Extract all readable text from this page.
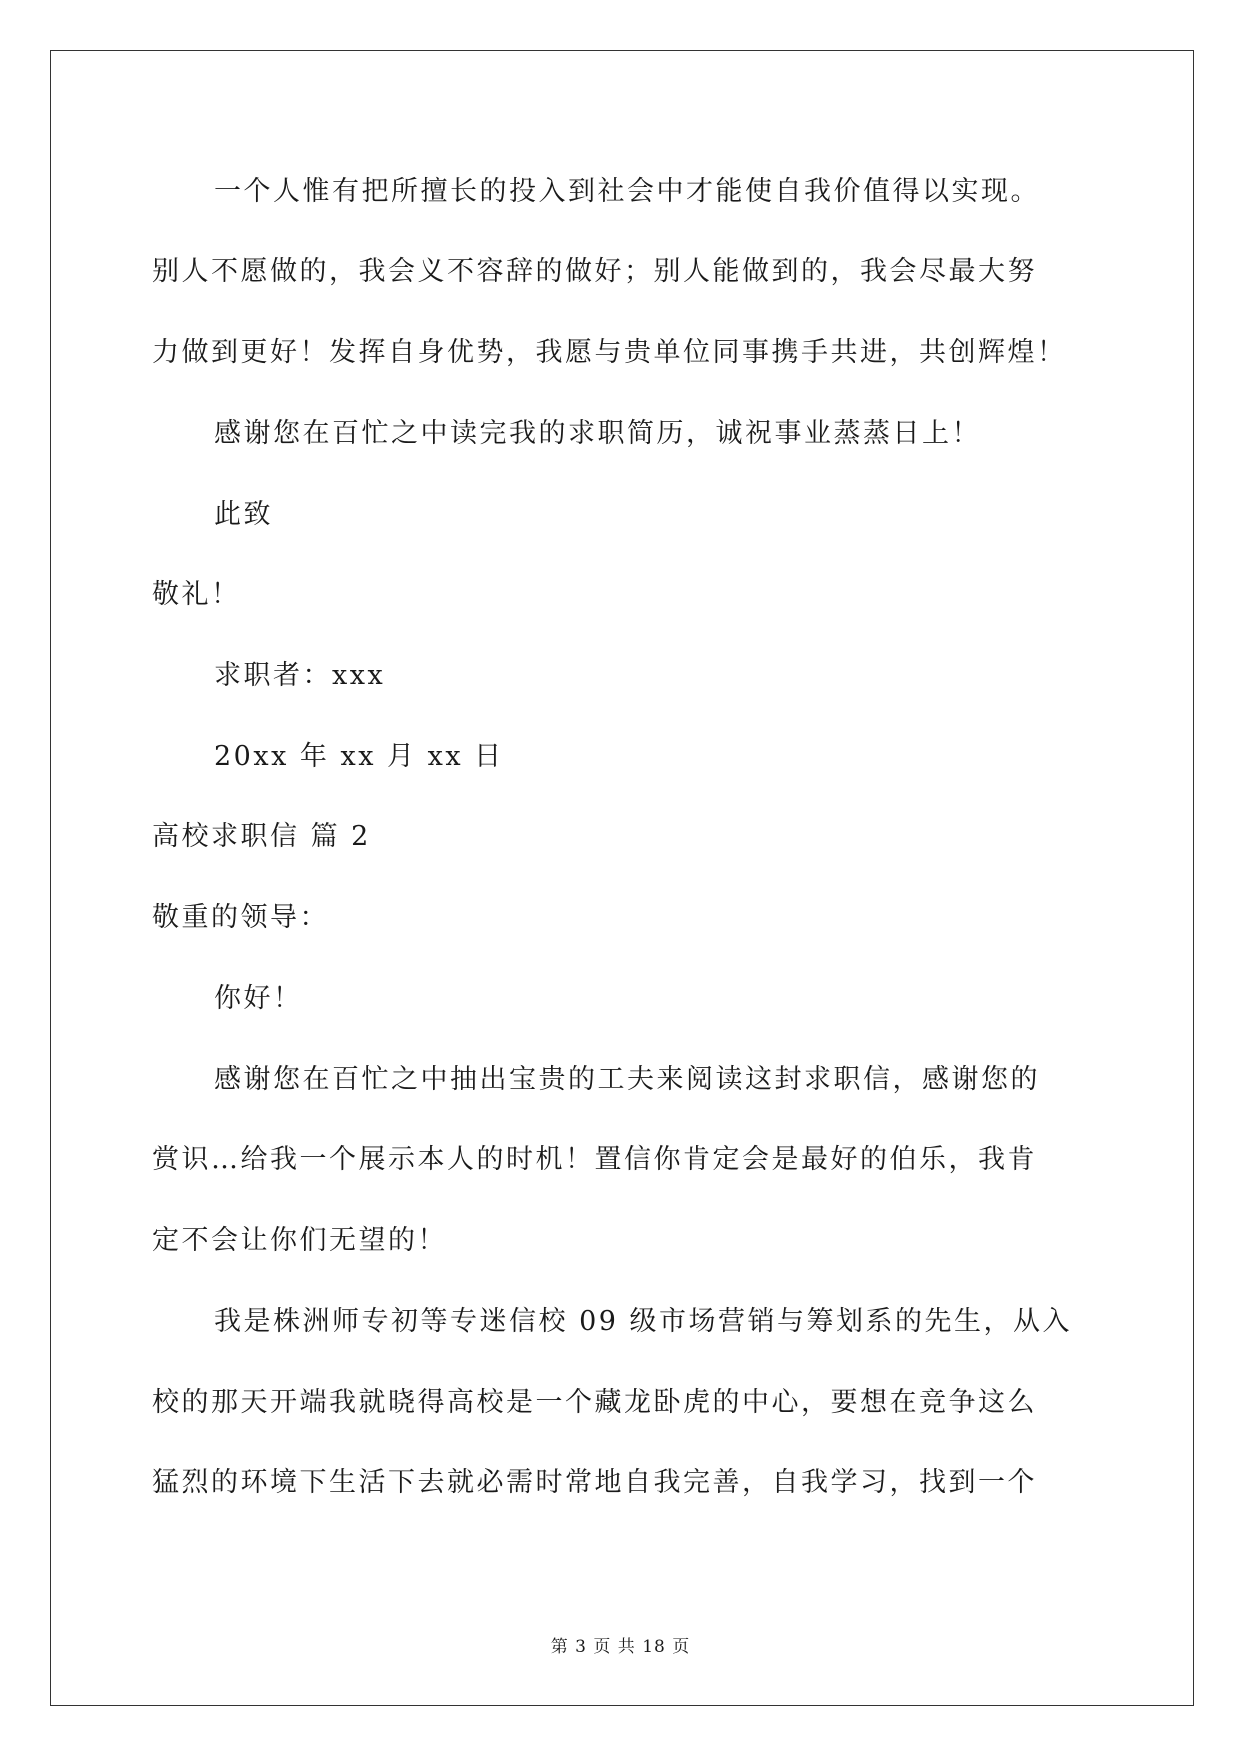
一个人惟有把所擅长的投入到社会中才能使自我价值得以实现。
别人不愿做的，我会义不容辞的做好；别人能做到的，我会尽最大努
力做到更好！发挥自身优势，我愿与贵单位同事携手共进，共创辉煌！
感谢您在百忙之中读完我的求职简历，诚祝事业蒸蒸日上！
此致
敬礼！
求职者：xxx
20xx 年 xx 月 xx 日
高校求职信 篇 2
敬重的领导：
你好！
感谢您在百忙之中抽出宝贵的工夫来阅读这封求职信，感谢您的
赏识…给我一个展示本人的时机！置信你肯定会是最好的伯乐，我肯
定不会让你们无望的！
我是株洲师专初等专迷信校 09 级市场营销与筹划系的先生，从入
校的那天开端我就晓得高校是一个藏龙卧虎的中心，要想在竞争这么
猛烈的环境下生活下去就必需时常地自我完善，自我学习，找到一个
第 3 页 共 18 页
